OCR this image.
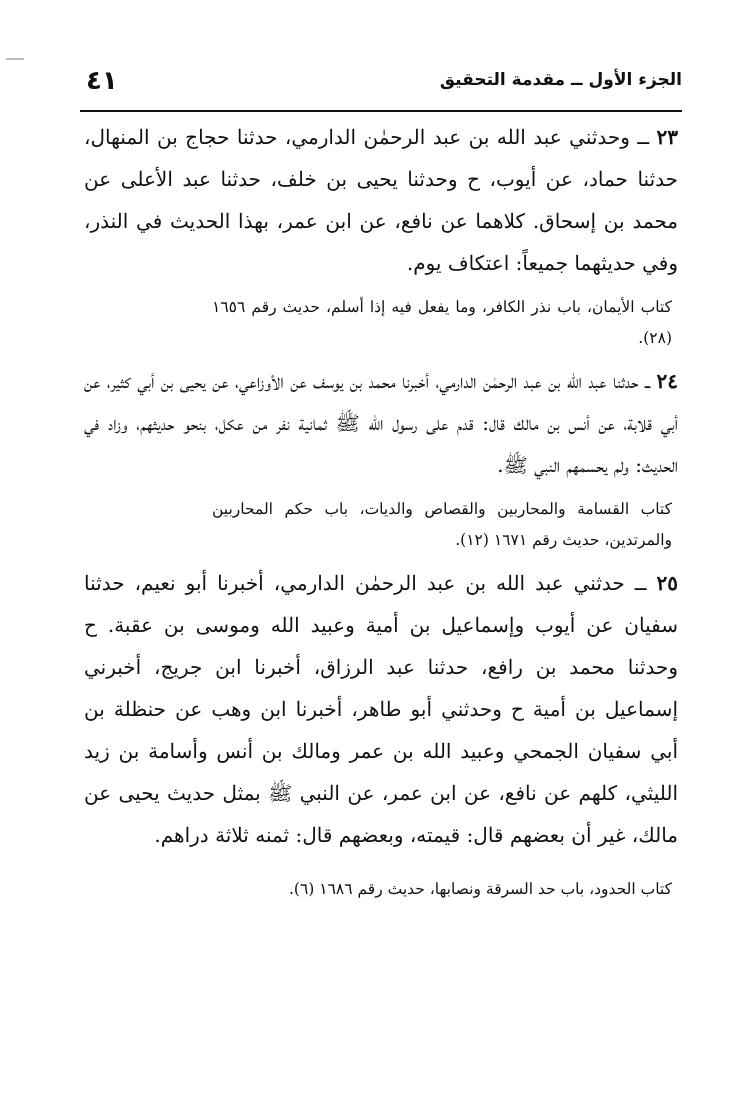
الجزء الأول ــ مقدمة التحقيق
٤١

٢٣ ــ وحدثني عبد الله بن عبد الرحمٰن الدارمي، حدثنا حجاج بن المنهال، حدثنا حماد، عن أيوب، ح وحدثنا يحيى بن خلف، حدثنا عبد الأعلى عن محمد بن إسحاق. كلاهما عن نافع، عن ابن عمر، بهذا الحديث في النذر، وفي حديثهما جميعاً: اعتكاف يوم.

كتاب الأيمان، باب نذر الكافر، وما يفعل فيه إذا أسلم، حديث رقم ١٦٥٦ (٢٨).

٢٤ ــ حدثنا عبد الله بن عبد الرحمٰن الدارمي، أخبرنا محمد بن يوسف عن الأوزاعي، عن يحيى بن أبي كثير، عن أبي قلابة، عن أنس بن مالك قال: قدم على رسول الله ﷺ ثمانية نفر من عكل، بنحو حديثهم، وزاد في الحديث: ولم يحسمهم النبي ﷺ.

كتاب القسامة والمحاربين والقصاص والديات، باب حكم المحاربين والمرتدين، حديث رقم ١٦٧١ (١٢).

٢٥ ــ حدثني عبد الله بن عبد الرحمٰن الدارمي، أخبرنا أبو نعيم، حدثنا سفيان عن أيوب وإسماعيل بن أمية وعبيد الله وموسى بن عقبة. ح وحدثنا محمد بن رافع، حدثنا عبد الرزاق، أخبرنا ابن جريج، أخبرني إسماعيل بن أمية ح وحدثني أبو طاهر، أخبرنا ابن وهب عن حنظلة بن أبي سفيان الجمحي وعبيد الله بن عمر ومالك بن أنس وأسامة بن زيد الليثي، كلهم عن نافع، عن ابن عمر، عن النبي ﷺ بمثل حديث يحيى عن مالك، غير أن بعضهم قال: قيمته، وبعضهم قال: ثمنه ثلاثة دراهم.

كتاب الحدود، باب حد السرقة ونصابها، حديث رقم ١٦٨٦ (٦).
